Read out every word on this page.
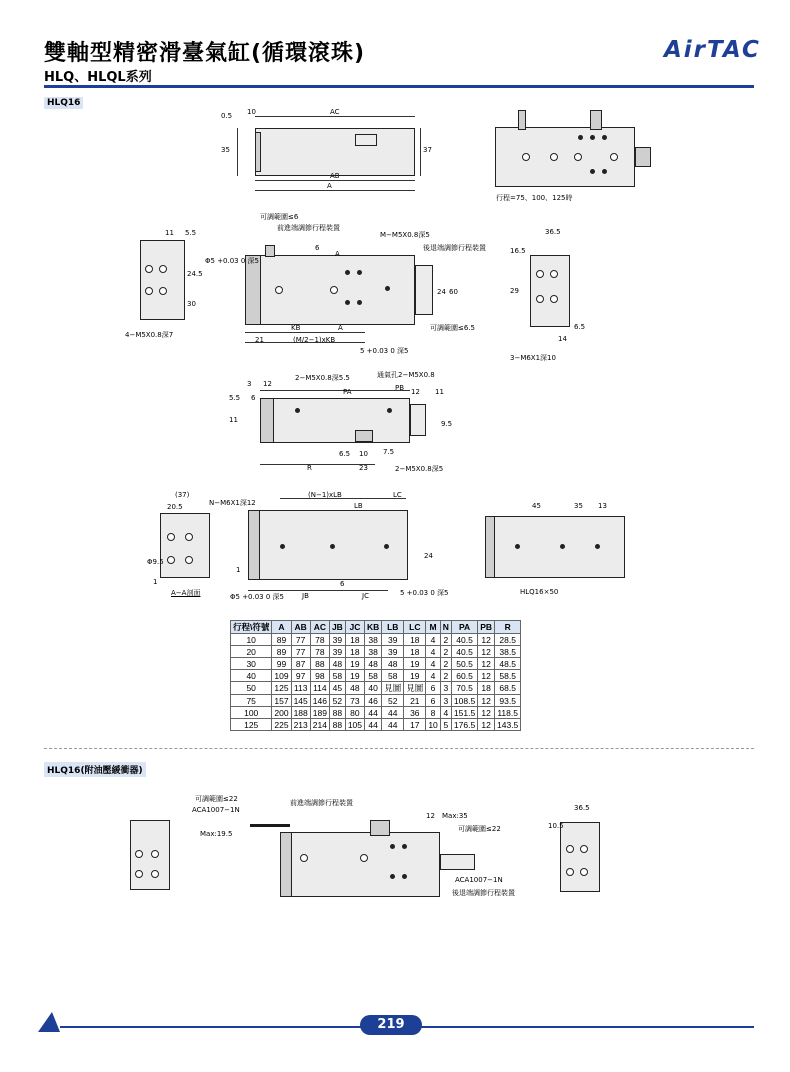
雙軸型精密滑臺氣缸(循環滾珠)
HLQ、HLQL系列
AirTAC
HLQ16
0.5 10	AC
35	37
AB
A
行程=75、100、125時
可調範圍≤6
前進端調節行程裝置
M−M5X0.8深5
後退端調節行程裝置
Φ5 +0.03 0 深5
6
A
24 60
KB	A	可調範圍≤6.5
21	(M/2−1)xKB
5 +0.03 0 深5
11 5.5
24.5
30
4−M5X0.8深7
36.5
16.5
29
6.5
14
3−M6X1深10
3 12
2−M5X0.8深5.5	通氣孔2−M5X0.8
PB 12 11
PA
5.5 6
11	9.5
6.5 10 7.5
R	23	2−M5X0.8深5
(37)
20.5	N−M6X1深12
Φ9.5
1
A−A剖面
(N−1)xLB	LC
LB
24
1
Φ5 +0.03 0 深5
6
JB	JC	5 +0.03 0 深5
45	35 13
HLQ16×50
行程\符號	A	AB	AC	JB	JC	KB	LB	LC	M	N	PA	PB	R
10	89	77	78	39	18	38	39	18	4	2	40.5	12	28.5
20	89	77	78	39	18	38	39	18	4	2	40.5	12	38.5
30	99	87	88	48	19	48	48	19	4	2	50.5	12	48.5
40	109	97	98	58	19	58	58	19	4	2	60.5	12	58.5
50	125	113	114	45	48	40	見圖	見圖	6	3	70.5	18	68.5
75	157	145	146	52	73	46	52	21	6	3	108.5	12	93.5
100	200	188	189	88	80	44	44	36	8	4	151.5	12	118.5
125	225	213	214	88	105	44	44	17	10	5	176.5	12	143.5
HLQ16(附油壓緩衝器)
可調範圍≤22
ACA1007−1N
Max:19.5
前進端調節行程裝置
12 Max:35
可調範圍≤22
ACA1007−1N
後退端調節行程裝置
36.5
10.5
219
